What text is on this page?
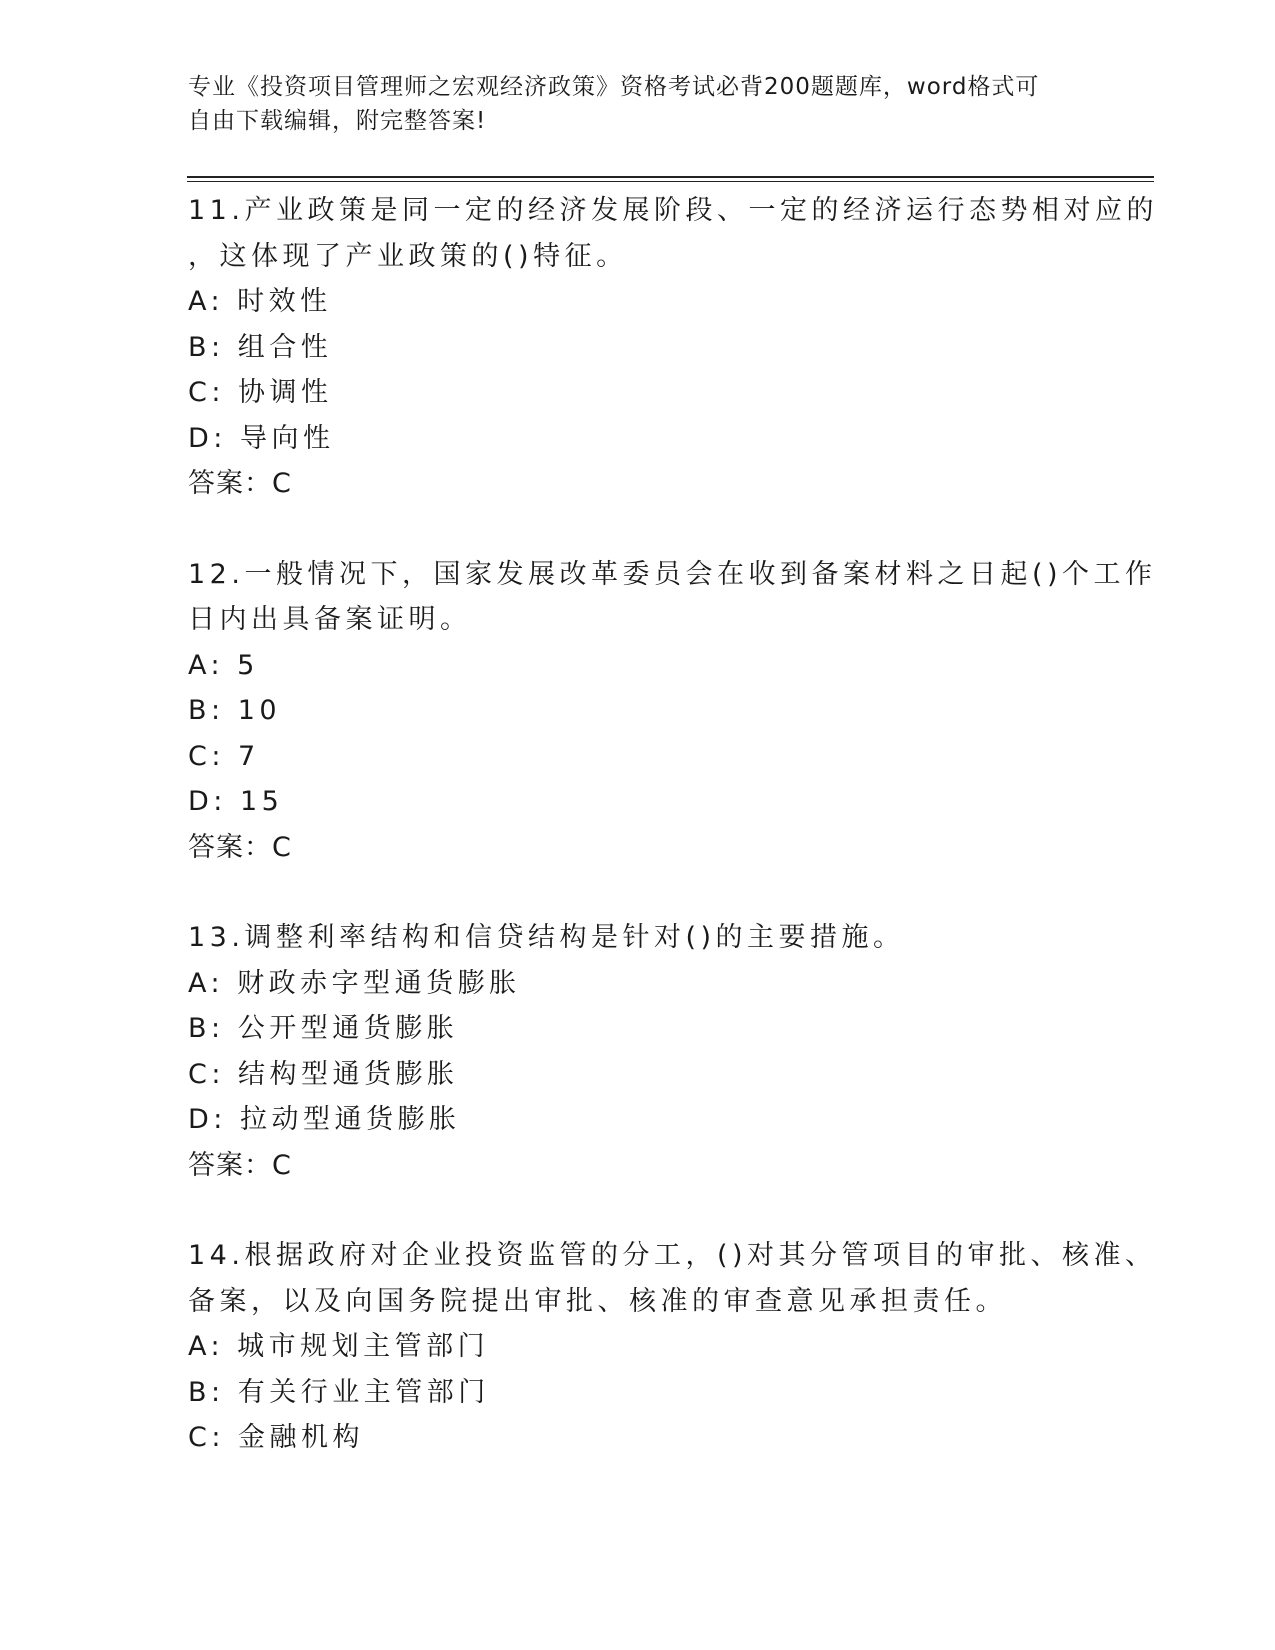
专业《投资项目管理师之宏观经济政策》资格考试必背200题题库，word格式可
自由下载编辑，附完整答案!
11.产业政策是同一定的经济发展阶段、一定的经济运行态势相对应的
，这体现了产业政策的()特征。
A: 时效性
B: 组合性
C: 协调性
D: 导向性
答案：C
12.一般情况下，国家发展改革委员会在收到备案材料之日起()个工作
日内出具备案证明。
A: 5
B: 10
C: 7
D: 15
答案：C
13.调整利率结构和信贷结构是针对()的主要措施。
A: 财政赤字型通货膨胀
B: 公开型通货膨胀
C: 结构型通货膨胀
D: 拉动型通货膨胀
答案：C
14.根据政府对企业投资监管的分工，()对其分管项目的审批、核准、
备案，以及向国务院提出审批、核准的审查意见承担责任。
A: 城市规划主管部门
B: 有关行业主管部门
C: 金融机构
